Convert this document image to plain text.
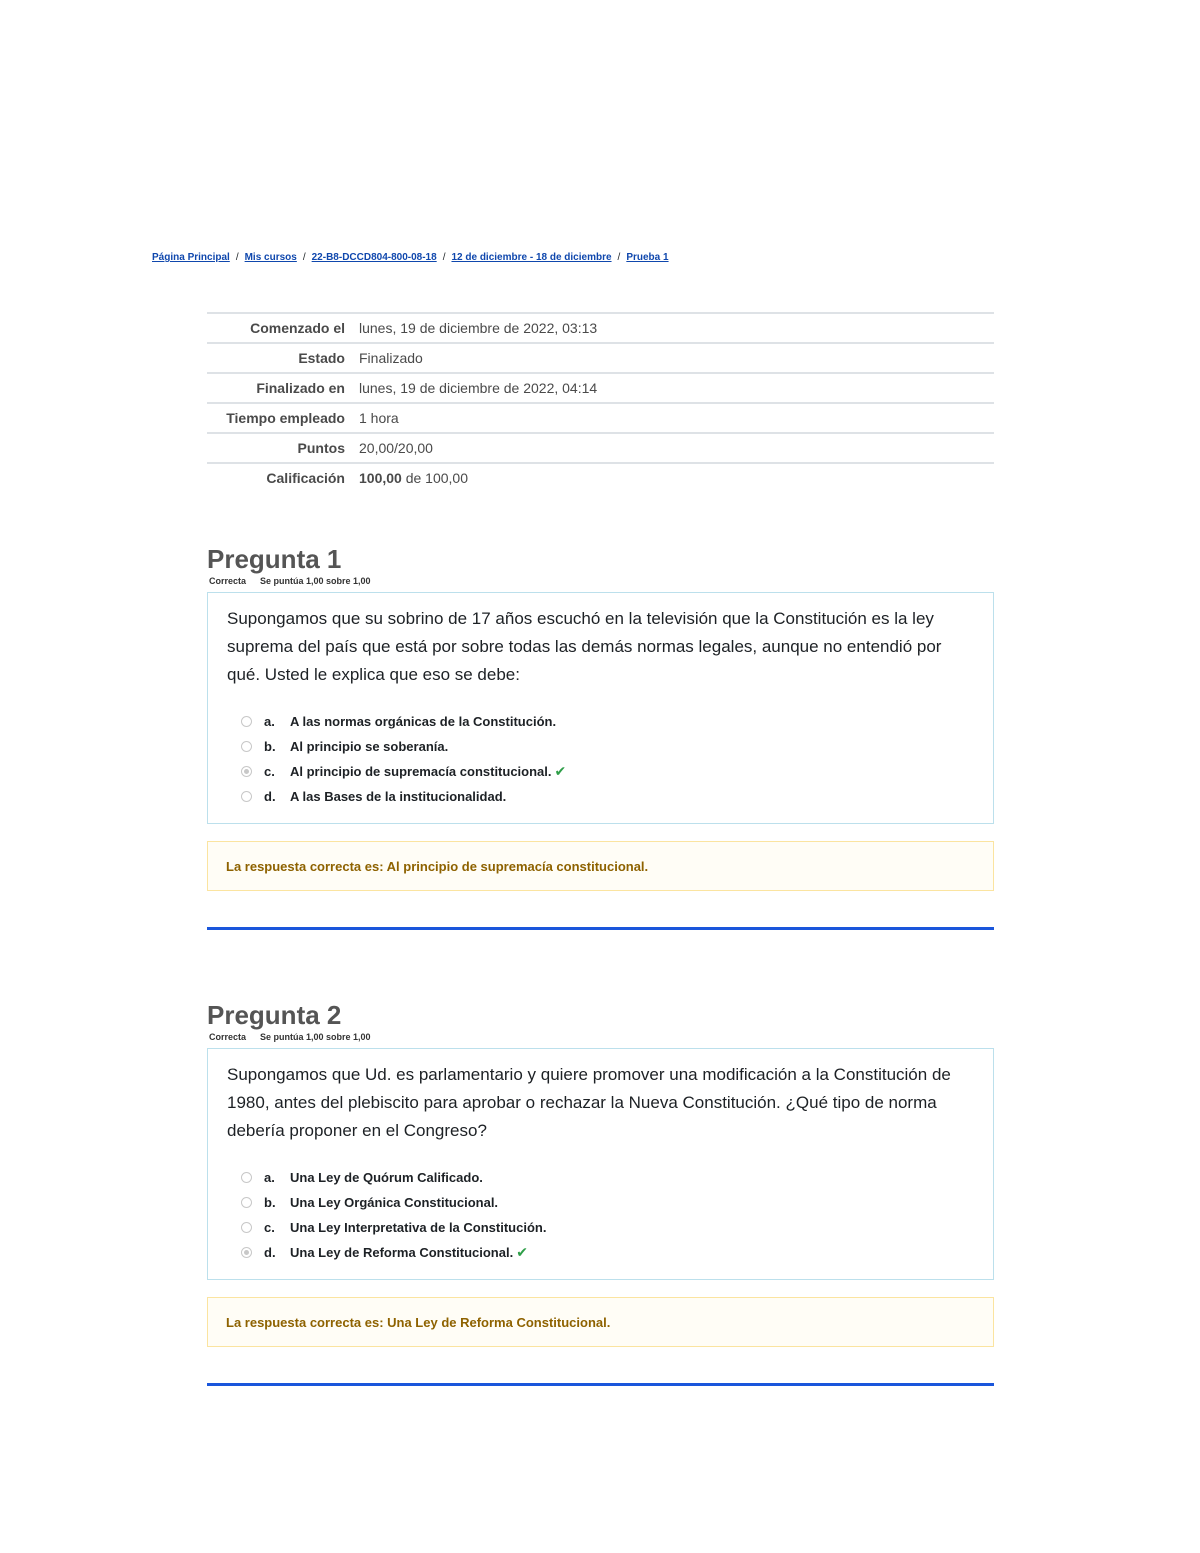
Página Principal / Mis cursos / 22-B8-DCCD804-800-08-18 / 12 de diciembre - 18 de diciembre / Prueba 1
Comenzado el	lunes, 19 de diciembre de 2022, 03:13
Estado	Finalizado
Finalizado en	lunes, 19 de diciembre de 2022, 04:14
Tiempo empleado	1 hora
Puntos	20,00/20,00
Calificación	100,00 de 100,00
Pregunta 1
Correcta Se puntúa 1,00 sobre 1,00

Supongamos que su sobrino de 17 años escuchó en la televisión que la Constitución es la ley suprema del país que está por sobre todas las demás normas legales, aunque no entendió por qué. Usted le explica que eso se debe:

a.	A las normas orgánicas de la Constitución.
b.	Al principio se soberanía.
c.	Al principio de supremacía constitucional. ✔
d.	A las Bases de la institucionalidad.
La respuesta correcta es: Al principio de supremacía constitucional.
Pregunta 2
Correcta Se puntúa 1,00 sobre 1,00

Supongamos que Ud. es parlamentario y quiere promover una modificación a la Constitución de 1980, antes del plebiscito para aprobar o rechazar la Nueva Constitución. ¿Qué tipo de norma debería proponer en el Congreso?

a.	Una Ley de Quórum Calificado.
b.	Una Ley Orgánica Constitucional.
c.	Una Ley Interpretativa de la Constitución.
d.	Una Ley de Reforma Constitucional. ✔
La respuesta correcta es: Una Ley de Reforma Constitucional.
